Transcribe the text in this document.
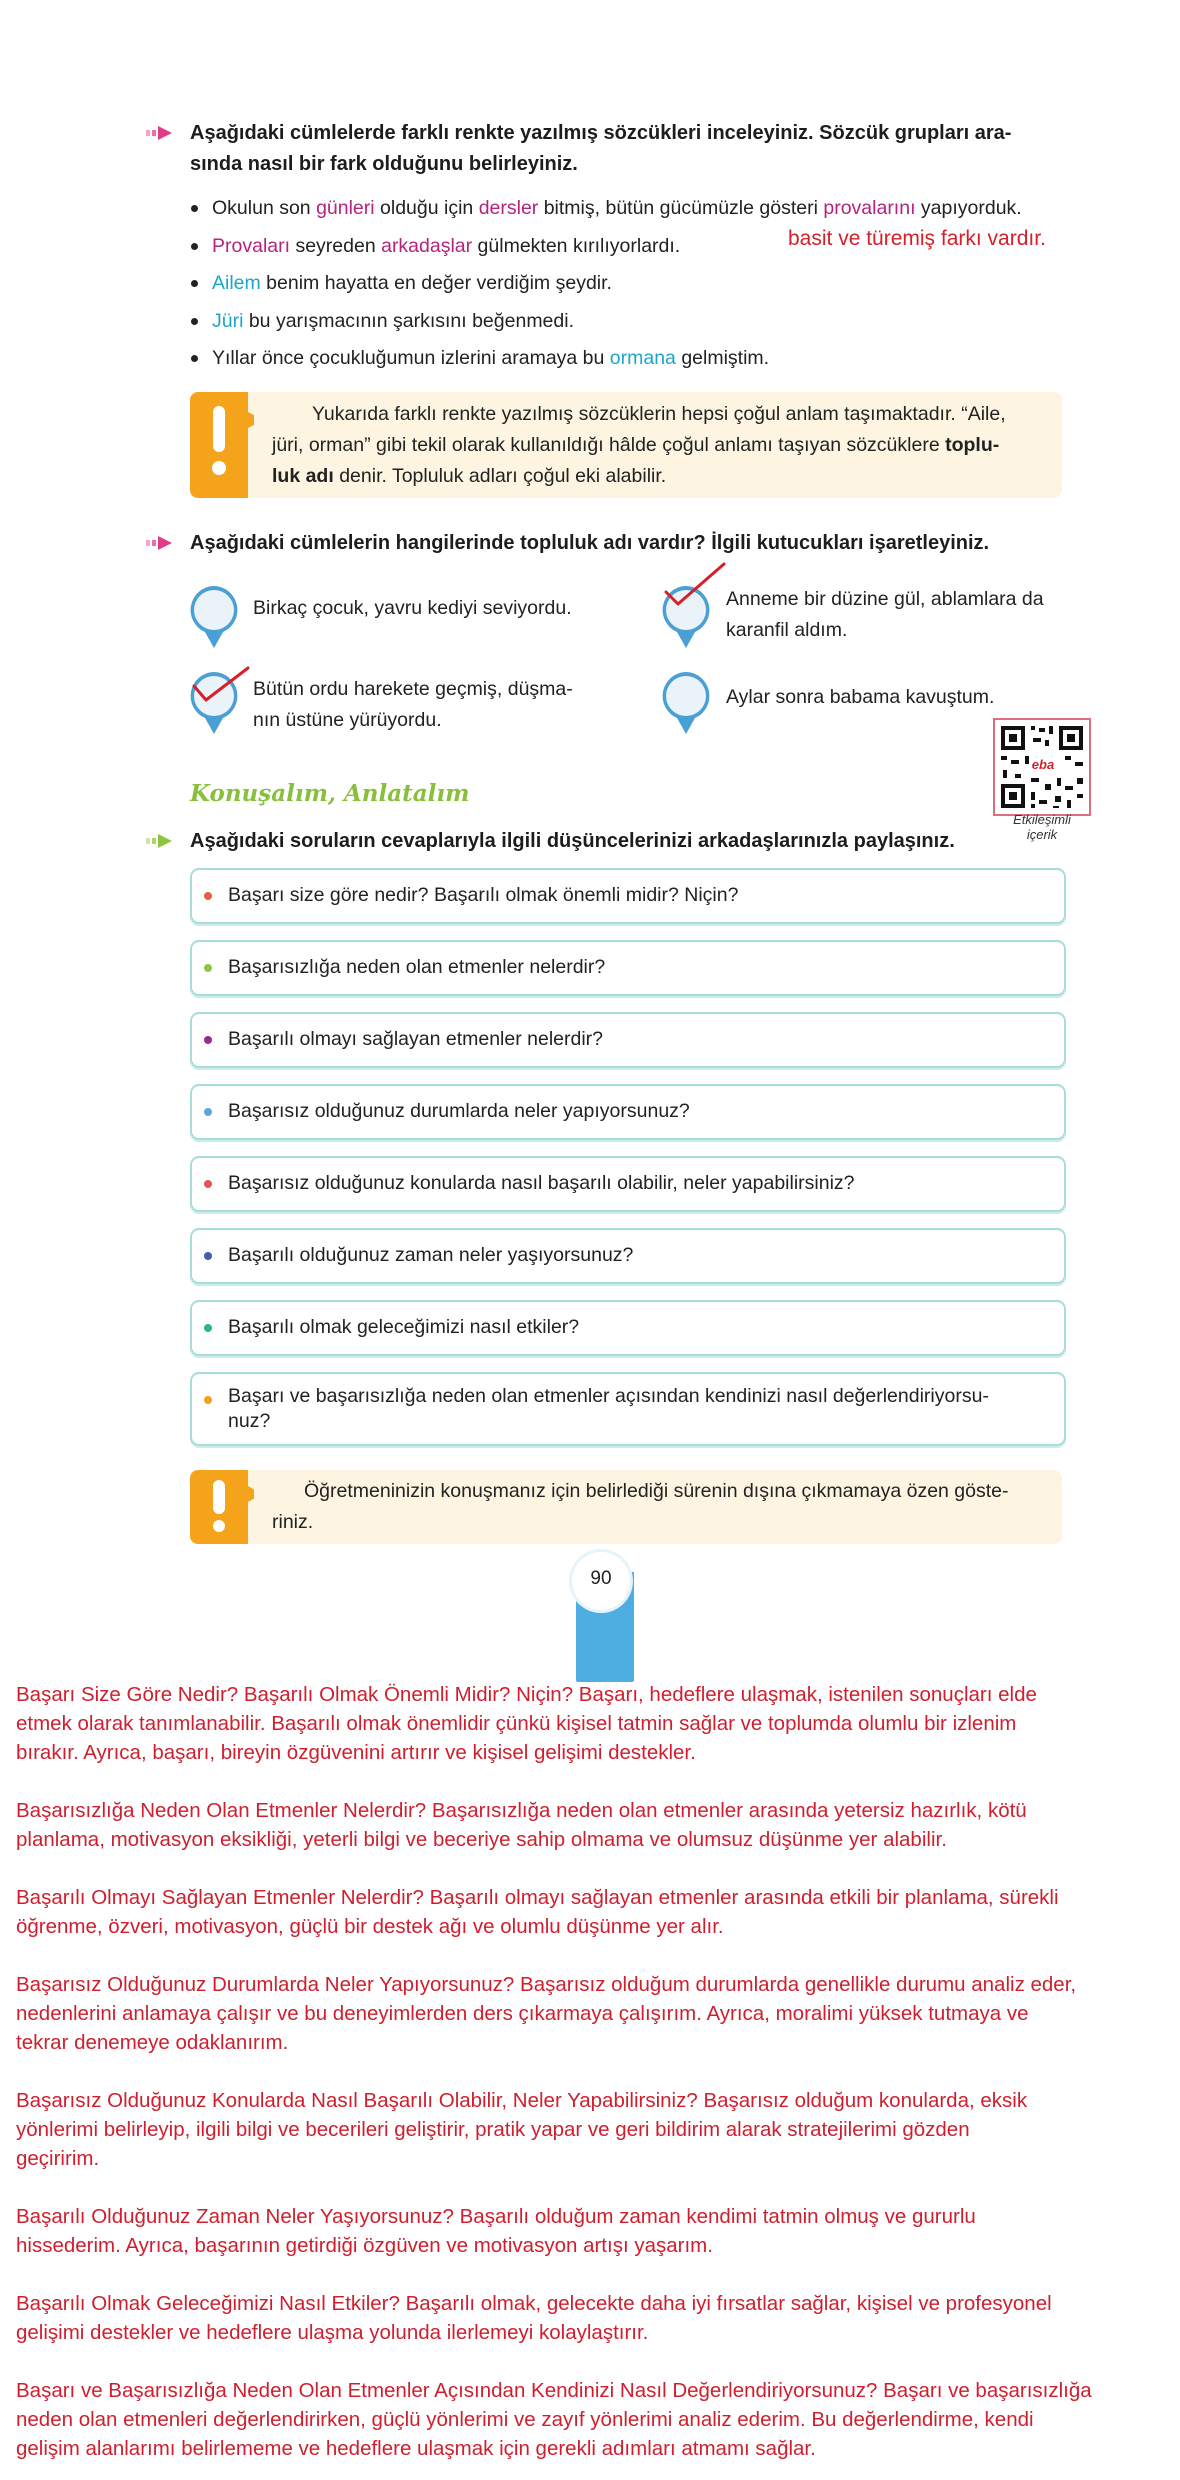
Aşağıdaki cümlelerde farklı renkte yazılmış sözcükleri inceleyiniz. Sözcük grupları ara-
sında nasıl bir fark olduğunu belirleyiniz.
Okulun son günleri olduğu için dersler bitmiş, bütün gücümüzle gösteri provalarını yapıyorduk.
Provaları seyreden arkadaşlar gülmekten kırılıyorlardı.
Ailem benim hayatta en değer verdiğim şeydir.
Jüri bu yarışmacının şarkısını beğenmedi.
Yıllar önce çocukluğumun izlerini aramaya bu ormana gelmiştim.
basit ve türemiş farkı vardır.
Yukarıda farklı renkte yazılmış sözcüklerin hepsi çoğul anlam taşımaktadır. “Aile,
jüri, orman” gibi tekil olarak kullanıldığı hâlde çoğul anlamı taşıyan sözcüklere toplu-
luk adı denir. Topluluk adları çoğul eki alabilir.
Aşağıdaki cümlelerin hangilerinde topluluk adı vardır? İlgili kutucukları işaretleyiniz.
Birkaç çocuk, yavru kediyi seviyordu.	Anneme bir düzine gül, ablamlara da
karanfil aldım.
Bütün ordu harekete geçmiş, düşma-
nın üstüne yürüyordu.
Aylar sonra babama kavuştum.
eba
Etkileşimli
içerik
Konuşalım, Anlatalım
Aşağıdaki soruların cevaplarıyla ilgili düşüncelerinizi arkadaşlarınızla paylaşınız.
Başarı size göre nedir? Başarılı olmak önemli midir? Niçin?
Başarısızlığa neden olan etmenler nelerdir?
Başarılı olmayı sağlayan etmenler nelerdir?
Başarısız olduğunuz durumlarda neler yapıyorsunuz?
Başarısız olduğunuz konularda nasıl başarılı olabilir, neler yapabilirsiniz?
Başarılı olduğunuz zaman neler yaşıyorsunuz?
Başarılı olmak geleceğimizi nasıl etkiler?
Başarı ve başarısızlığa neden olan etmenler açısından kendinizi nasıl değerlendiriyorsu-
nuz?
Öğretmeninizin konuşmanız için belirlediği sürenin dışına çıkmamaya özen göste-
riniz.
90
Başarı Size Göre Nedir? Başarılı Olmak Önemli Midir? Niçin? Başarı, hedeflere ulaşmak, istenilen sonuçları elde
etmek olarak tanımlanabilir. Başarılı olmak önemlidir çünkü kişisel tatmin sağlar ve toplumda olumlu bir izlenim
bırakır. Ayrıca, başarı, bireyin özgüvenini artırır ve kişisel gelişimi destekler.
Başarısızlığa Neden Olan Etmenler Nelerdir? Başarısızlığa neden olan etmenler arasında yetersiz hazırlık, kötü
planlama, motivasyon eksikliği, yeterli bilgi ve beceriye sahip olmama ve olumsuz düşünme yer alabilir.
Başarılı Olmayı Sağlayan Etmenler Nelerdir? Başarılı olmayı sağlayan etmenler arasında etkili bir planlama, sürekli
öğrenme, özveri, motivasyon, güçlü bir destek ağı ve olumlu düşünme yer alır.
Başarısız Olduğunuz Durumlarda Neler Yapıyorsunuz? Başarısız olduğum durumlarda genellikle durumu analiz eder,
nedenlerini anlamaya çalışır ve bu deneyimlerden ders çıkarmaya çalışırım. Ayrıca, moralimi yüksek tutmaya ve
tekrar denemeye odaklanırım.
Başarısız Olduğunuz Konularda Nasıl Başarılı Olabilir, Neler Yapabilirsiniz? Başarısız olduğum konularda, eksik
yönlerimi belirleyip, ilgili bilgi ve becerileri geliştirir, pratik yapar ve geri bildirim alarak stratejilerimi gözden
geçiririm.
Başarılı Olduğunuz Zaman Neler Yaşıyorsunuz? Başarılı olduğum zaman kendimi tatmin olmuş ve gururlu
hissederim. Ayrıca, başarının getirdiği özgüven ve motivasyon artışı yaşarım.
Başarılı Olmak Geleceğimizi Nasıl Etkiler? Başarılı olmak, gelecekte daha iyi fırsatlar sağlar, kişisel ve profesyonel
gelişimi destekler ve hedeflere ulaşma yolunda ilerlemeyi kolaylaştırır.
Başarı ve Başarısızlığa Neden Olan Etmenler Açısından Kendinizi Nasıl Değerlendiriyorsunuz? Başarı ve başarısızlığa
neden olan etmenleri değerlendirirken, güçlü yönlerimi ve zayıf yönlerimi analiz ederim. Bu değerlendirme, kendi
gelişim alanlarımı belirlememe ve hedeflere ulaşmak için gerekli adımları atmamı sağlar.
